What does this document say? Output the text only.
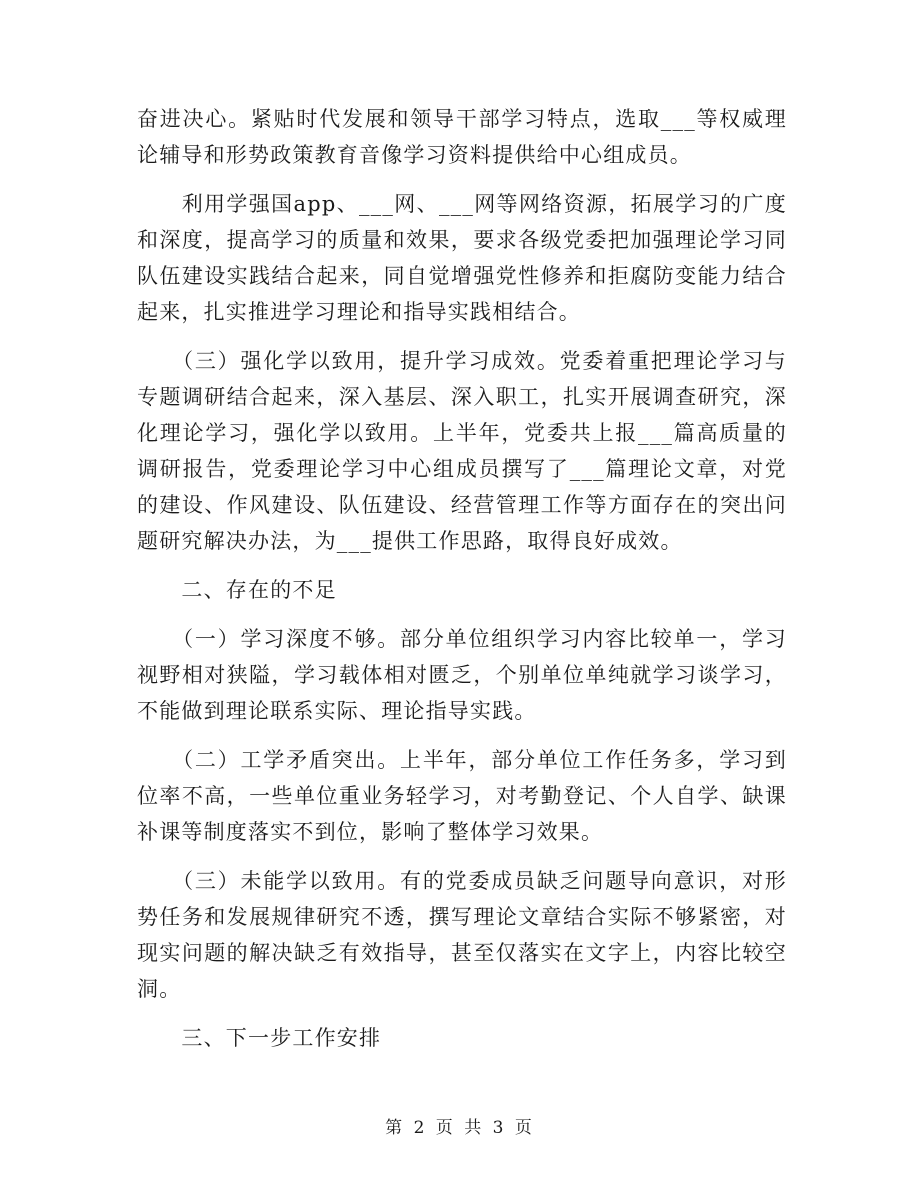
奋进决心。紧贴时代发展和领导干部学习特点，选取___等权威理论辅导和形势政策教育音像学习资料提供给中心组成员。

　　利用学强国app、___网、___网等网络资源，拓展学习的广度和深度，提高学习的质量和效果，要求各级党委把加强理论学习同队伍建设实践结合起来，同自觉增强党性修养和拒腐防变能力结合起来，扎实推进学习理论和指导实践相结合。

　　（三）强化学以致用，提升学习成效。党委着重把理论学习与专题调研结合起来，深入基层、深入职工，扎实开展调查研究，深化理论学习，强化学以致用。上半年，党委共上报___篇高质量的调研报告，党委理论学习中心组成员撰写了___篇理论文章，对党的建设、作风建设、队伍建设、经营管理工作等方面存在的突出问题研究解决办法，为___提供工作思路，取得良好成效。

　　二、存在的不足

　　（一）学习深度不够。部分单位组织学习内容比较单一，学习视野相对狭隘，学习载体相对匮乏，个别单位单纯就学习谈学习，不能做到理论联系实际、理论指导实践。

　　（二）工学矛盾突出。上半年，部分单位工作任务多，学习到位率不高，一些单位重业务轻学习，对考勤登记、个人自学、缺课补课等制度落实不到位，影响了整体学习效果。

　　（三）未能学以致用。有的党委成员缺乏问题导向意识，对形势任务和发展规律研究不透，撰写理论文章结合实际不够紧密，对现实问题的解决缺乏有效指导，甚至仅落实在文字上，内容比较空洞。

　　三、下一步工作安排

第 2 页 共 3 页
